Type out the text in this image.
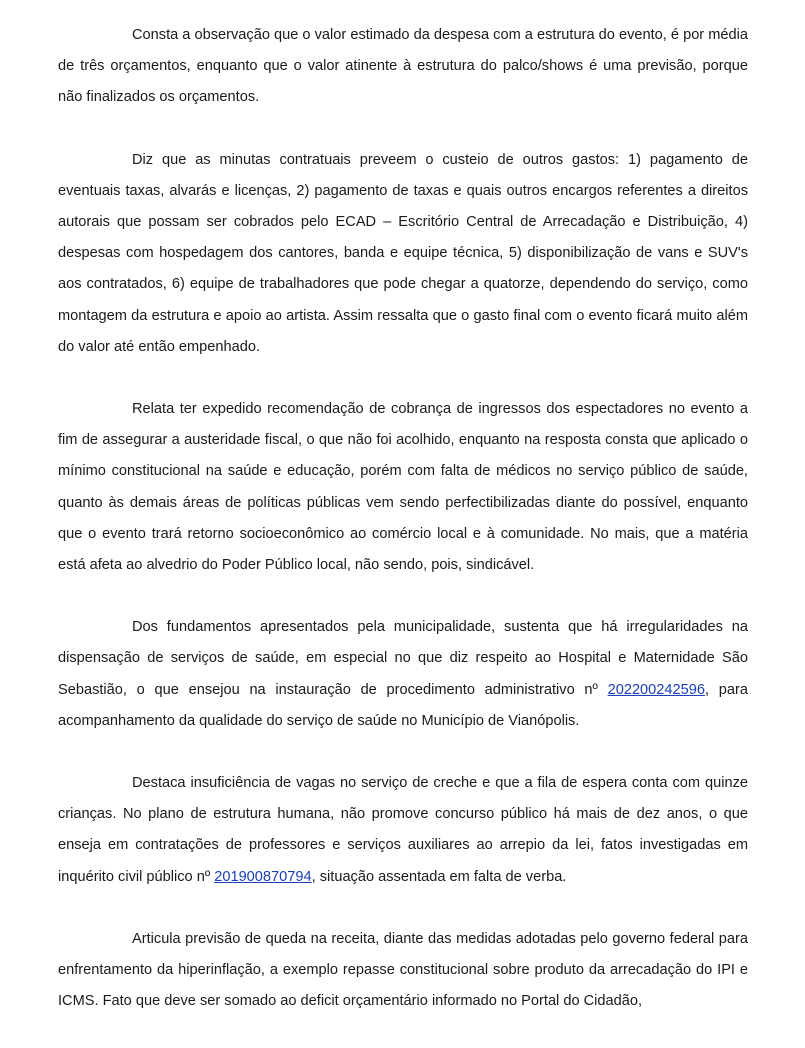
Consta a observação que o valor estimado da despesa com a estrutura do evento, é por média de três orçamentos, enquanto que o valor atinente à estrutura do palco/shows é uma previsão, porque não finalizados os orçamentos.

Diz que as minutas contratuais preveem o custeio de outros gastos: 1) pagamento de eventuais taxas, alvarás e licenças, 2) pagamento de taxas e quais outros encargos referentes a direitos autorais que possam ser cobrados pelo ECAD – Escritório Central de Arrecadação e Distribuição, 4) despesas com hospedagem dos cantores, banda e equipe técnica, 5) disponibilização de vans e SUV's aos contratados, 6) equipe de trabalhadores que pode chegar a quatorze, dependendo do serviço, como montagem da estrutura e apoio ao artista. Assim ressalta que o gasto final com o evento ficará muito além do valor até então empenhado.

Relata ter expedido recomendação de cobrança de ingressos dos espectadores no evento a fim de assegurar a austeridade fiscal, o que não foi acolhido, enquanto na resposta consta que aplicado o mínimo constitucional na saúde e educação, porém com falta de médicos no serviço público de saúde, quanto às demais áreas de políticas públicas vem sendo perfectibilizadas diante do possível, enquanto que o evento trará retorno socioeconômico ao comércio local e à comunidade. No mais, que a matéria está afeta ao alvedrio do Poder Público local, não sendo, pois, sindicável.

Dos fundamentos apresentados pela municipalidade, sustenta que há irregularidades na dispensação de serviços de saúde, em especial no que diz respeito ao Hospital e Maternidade São Sebastião, o que ensejou na instauração de procedimento administrativo nº 202200242596, para acompanhamento da qualidade do serviço de saúde no Município de Vianópolis.

Destaca insuficiência de vagas no serviço de creche e que a fila de espera conta com quinze crianças. No plano de estrutura humana, não promove concurso público há mais de dez anos, o que enseja em contratações de professores e serviços auxiliares ao arrepio da lei, fatos investigadas em inquérito civil público nº 201900870794, situação assentada em falta de verba.

Articula previsão de queda na receita, diante das medidas adotadas pelo governo federal para enfrentamento da hiperinflação, a exemplo repasse constitucional sobre produto da arrecadação do IPI e ICMS. Fato que deve ser somado ao deficit orçamentário informado no Portal do Cidadão,
